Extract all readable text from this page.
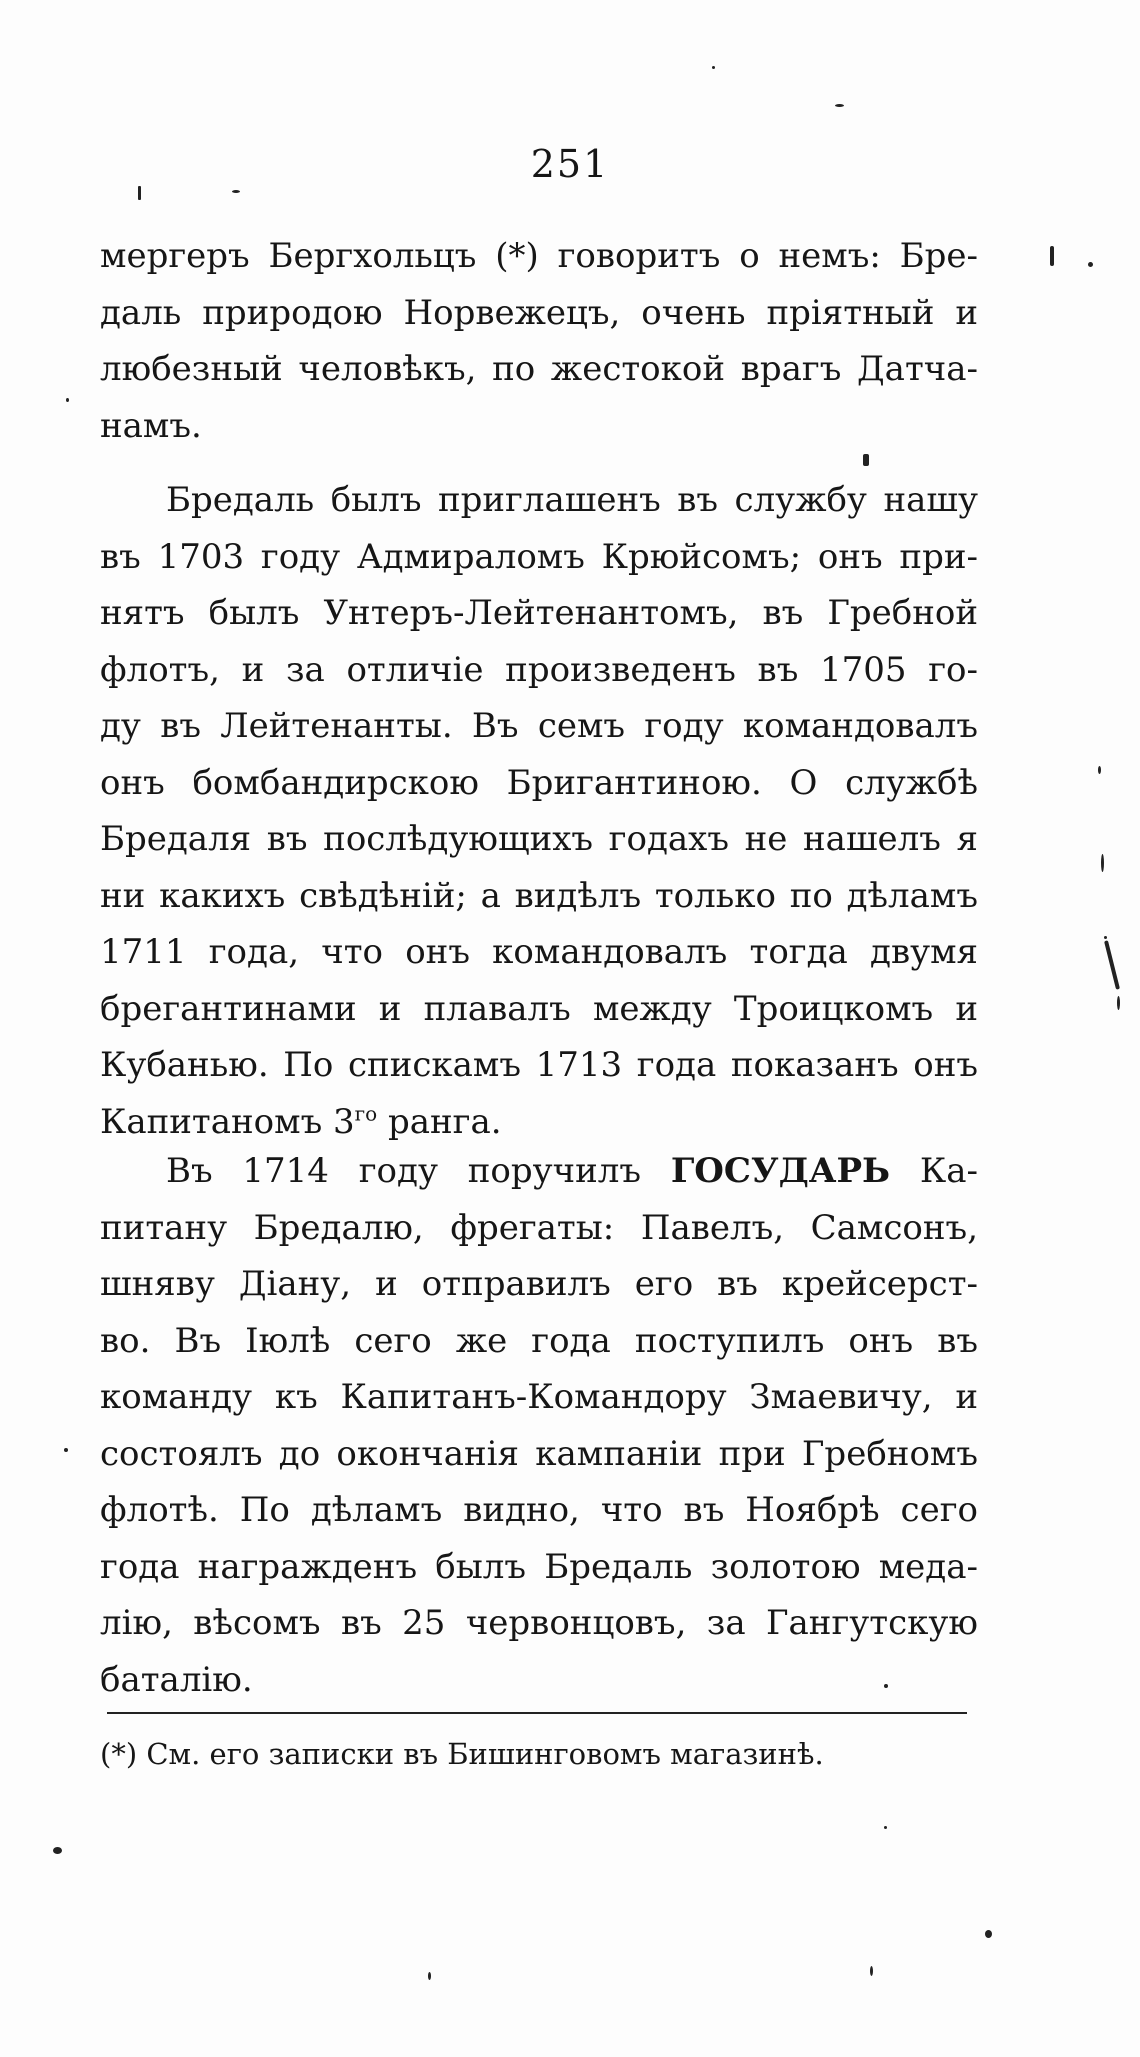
251
мергеръ Бергхольцъ (*) говоритъ о немъ: Бре-
даль природою Норвежецъ, очень пріятный и
любезный человѣкъ, по жестокой врагъ Датча-
намъ.
Бредаль былъ приглашенъ въ службу нашу
въ 1703 году Адмираломъ Крюйсомъ; онъ при-
нятъ былъ Унтеръ-Лейтенантомъ, въ Гребной
флотъ, и за отличіе произведенъ въ 1705 го-
ду въ Лейтенанты. Въ семъ году командовалъ
онъ бомбандирскою Бригантиною. О службѣ
Бредаля въ послѣдующихъ годахъ не нашелъ я
ни какихъ свѣдѣній; а видѣлъ только по дѣламъ
1711 года, что онъ командовалъ тогда двумя
брегантинами и плавалъ между Троицкомъ и
Кубанью. По спискамъ 1713 года показанъ онъ
Капитаномъ $3^{го}$ ранга.
Въ 1714 году поручилъ ГОСУДАРЬ Ка-
питану Бредалю, фрегаты: Павелъ, Самсонъ,
шняву Діану, и отправилъ его въ крейсерст-
во. Въ Іюлѣ сего же года поступилъ онъ въ
команду къ Капитанъ-Командору Змаевичу, и
состоялъ до окончанія кампаніи при Гребномъ
флотѣ. По дѣламъ видно, что въ Ноябрѣ сего
года награжденъ былъ Бредаль золотою меда-
лію, вѣсомъ въ 25 червонцовъ, за Гангутскую
баталію.
(*) См. его записки въ Бишинговомъ магазинѣ.
